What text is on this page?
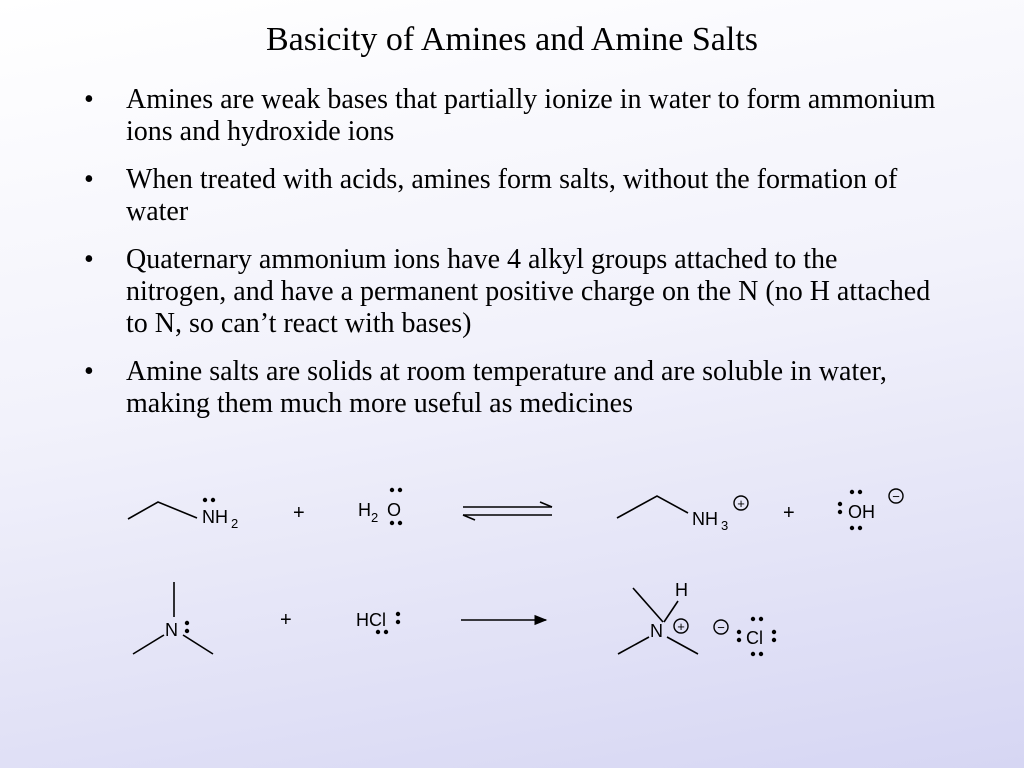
Basicity of Amines and Amine Salts
• Amines are weak bases that partially ionize in water to form ammonium ions and hydroxide ions
• When treated with acids, amines form salts, without the formation of water
• Quaternary ammonium ions have 4 alkyl groups attached to the nitrogen, and have a permanent positive charge on the N (no H attached to N, so can’t react with bases)
• Amine salts are solids at room temperature and are soluble in water, making them much more useful as medicines
NH 2	+	H 2 O	NH 3
+ +	OH
−
N	+	HCl
H
N + −
Cl
